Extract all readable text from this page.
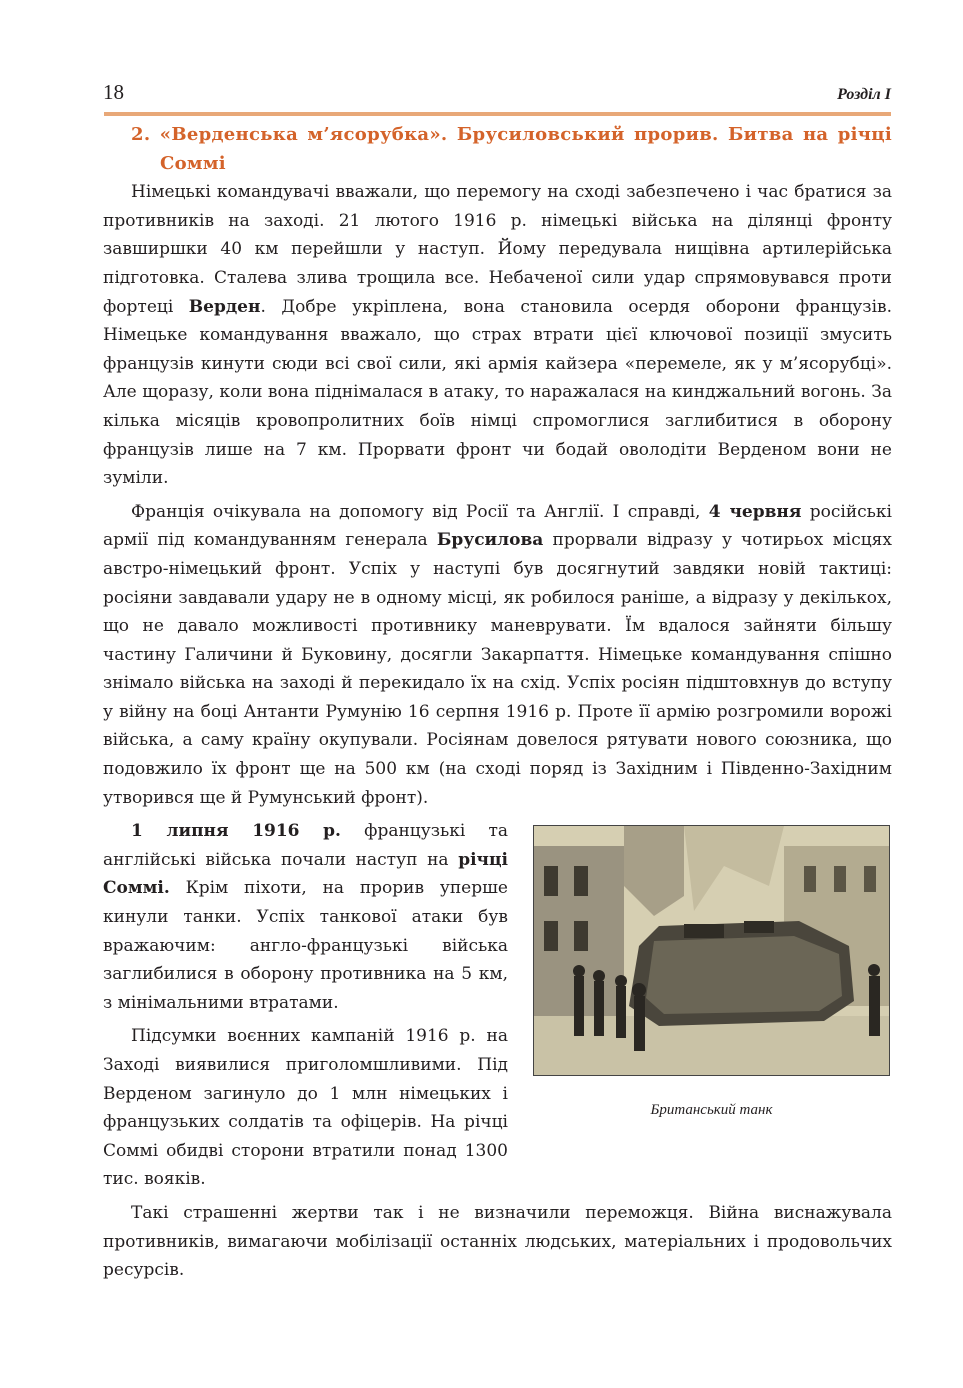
18	Розділ І
2. «Верденська м’ясорубка». Брусиловський прорив. Битва на річці Соммі

Німецькі командувачі вважали, що перемогу на сході забезпечено і час братися за противників на заході. 21 лютого 1916 р. німецькі війська на ділянці фронту завширшки 40 км перейшли у наступ. Йому передувала нищівна артилерійська підготовка. Сталева злива трощила все. Небаченої сили удар спрямовувався проти фортеці Верден. Добре укріплена, вона становила осердя оборони французів. Німецьке командування вважало, що страх втрати цієї ключової позиції змусить французів кинути сюди всі свої сили, які армія кайзера «перемеле, як у м’ясорубці». Але щоразу, коли вона піднімалася в атаку, то наражалася на кинджальний вогонь. За кілька місяців кровопролитних боїв німці спромоглися заглибитися в оборону французів лише на 7 км. Прорвати фронт чи бодай оволодіти Верденом вони не зуміли.

Франція очікувала на допомогу від Росії та Англії. І справді, 4 червня російські армії під командуванням генерала Брусилова прорвали відразу у чотирьох місцях австро-німецький фронт. Успіх у наступі був досягнутий завдяки новій тактиці: росіяни завдавали удару не в одному місці, як робилося раніше, а відразу у декількох, що не давало можливості противнику маневрувати. Їм вдалося зайняти більшу частину Галичини й Буковину, досягли Закарпаття. Німецьке командування спішно знімало війська на заході й перекидало їх на схід. Успіх росіян підштовхнув до вступу у війну на боці Антанти Румунію 16 серпня 1916 р. Проте її армію розгромили ворожі війська, а саму країну окупували. Росіянам довелося рятувати нового союзника, що подовжило їх фронт ще на 500 км (на сході поряд із Західним і Південно-Західним утворився ще й Румунський фронт).

1 липня 1916 р. французькі та англійські війська почали наступ на річці Соммі. Крім піхоти, на прорив уперше кинули танки. Успіх танкової атаки був вражаючим: англо-французькі війська заглибилися в оборону противника на 5 км, з мінімальними втратами.

Підсумки воєнних кампаній 1916 р. на Заході виявилися приголомшливими. Під Верденом загинуло до 1 млн німецьких і французьких солдатів та офіцерів. На річці Соммі обидві сторони втратили понад 1300 тис. вояків.

Британський танк

Такі страшенні жертви так і не визначили переможця. Війна виснажувала противників, вимагаючи мобілізації останніх людських, матеріальних і продовольчих ресурсів.
